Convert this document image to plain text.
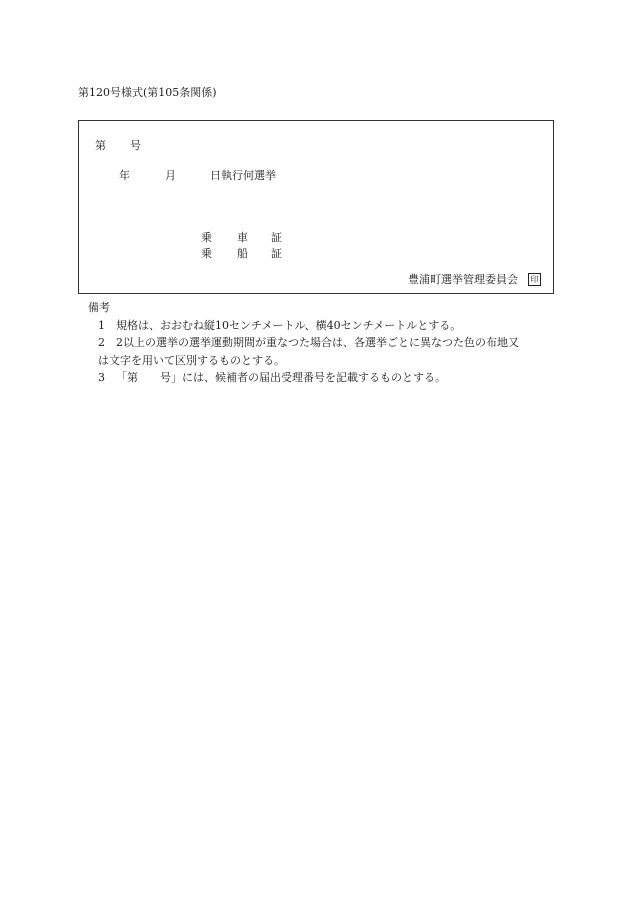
第120号様式(第105条関係)
第 号
年	月	日執行何選挙
乗 車 証
乗 船 証
豊浦町選挙管理委員会	印
備考
1 規格は、おおむね縦10センチメートル、横40センチメートルとする。
2 2以上の選挙の選挙運動期間が重なつた場合は、各選挙ごとに異なつた色の布地又
は文字を用いて区別するものとする。
3 「第　　号」には、候補者の届出受理番号を記載するものとする。
